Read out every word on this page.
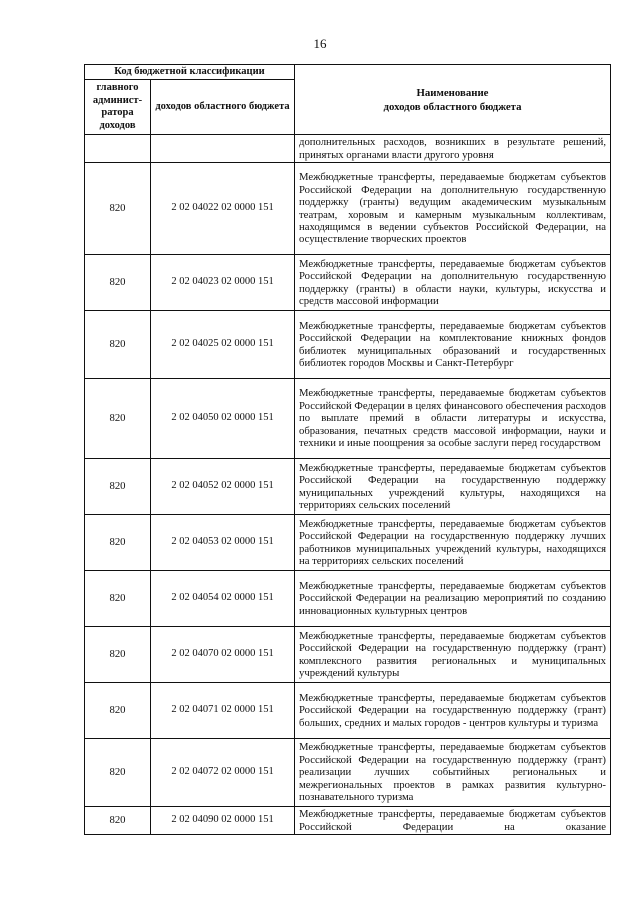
16
Код бюджетной классификации		Наименование
доходов областного бюджета
главного админист-ратора доходов	доходов областного бюджета	
		дополнительных расходов, возникших в результате решений, принятых органами власти другого уровня
820	2 02 04022 02 0000 151	Межбюджетные трансферты, передаваемые бюджетам субъектов Российской Федерации на дополнительную государственную поддержку (гранты) ведущим академическим музыкальным театрам, хоровым и камерным музыкальным коллективам, находящимся в ведении субъектов Российской Федерации, на осуществление творческих проектов
820	2 02 04023 02 0000 151	Межбюджетные трансферты, передаваемые бюджетам субъектов Российской Федерации на дополнительную государственную поддержку (гранты) в области науки, культуры, искусства и средств массовой информации
820	2 02 04025 02 0000 151	Межбюджетные трансферты, передаваемые бюджетам субъектов Российской Федерации на комплектование книжных фондов библиотек муниципальных образований и государственных библиотек городов Москвы и Санкт-Петербург
820	2 02 04050 02 0000 151	Межбюджетные трансферты, передаваемые бюджетам субъектов Российской Федерации в целях финансового обеспечения расходов по выплате премий в области литературы и искусства, образования, печатных средств массовой информации, науки и техники и иные поощрения за особые заслуги перед государством
820	2 02 04052 02 0000 151	Межбюджетные трансферты, передаваемые бюджетам субъектов Российской Федерации на государственную поддержку муниципальных учреждений культуры, находящихся на территориях сельских поселений
820	2 02 04053 02 0000 151	Межбюджетные трансферты, передаваемые бюджетам субъектов Российской Федерации на государственную поддержку лучших работников муниципальных учреждений культуры, находящихся на территориях сельских поселений
820	2 02 04054 02 0000 151	Межбюджетные трансферты, передаваемые бюджетам субъектов Российской Федерации на реализацию мероприятий по созданию инновационных культурных центров
820	2 02 04070 02 0000 151	Межбюджетные трансферты, передаваемые бюджетам субъектов Российской Федерации на государственную поддержку (грант) комплексного развития региональных и муниципальных учреждений культуры
820	2 02 04071 02 0000 151	Межбюджетные трансферты, передаваемые бюджетам субъектов Российской Федерации на государственную поддержку (грант) больших, средних и малых городов - центров культуры и туризма
820	2 02 04072 02 0000 151	Межбюджетные трансферты, передаваемые бюджетам субъектов Российской Федерации на государственную поддержку (грант) реализации лучших событийных региональных и межрегиональных проектов в рамках развития культурно-познавательного туризма
820	2 02 04090 02 0000 151	Межбюджетные трансферты, передаваемые бюджетам субъектов Российской Федерации на оказание
